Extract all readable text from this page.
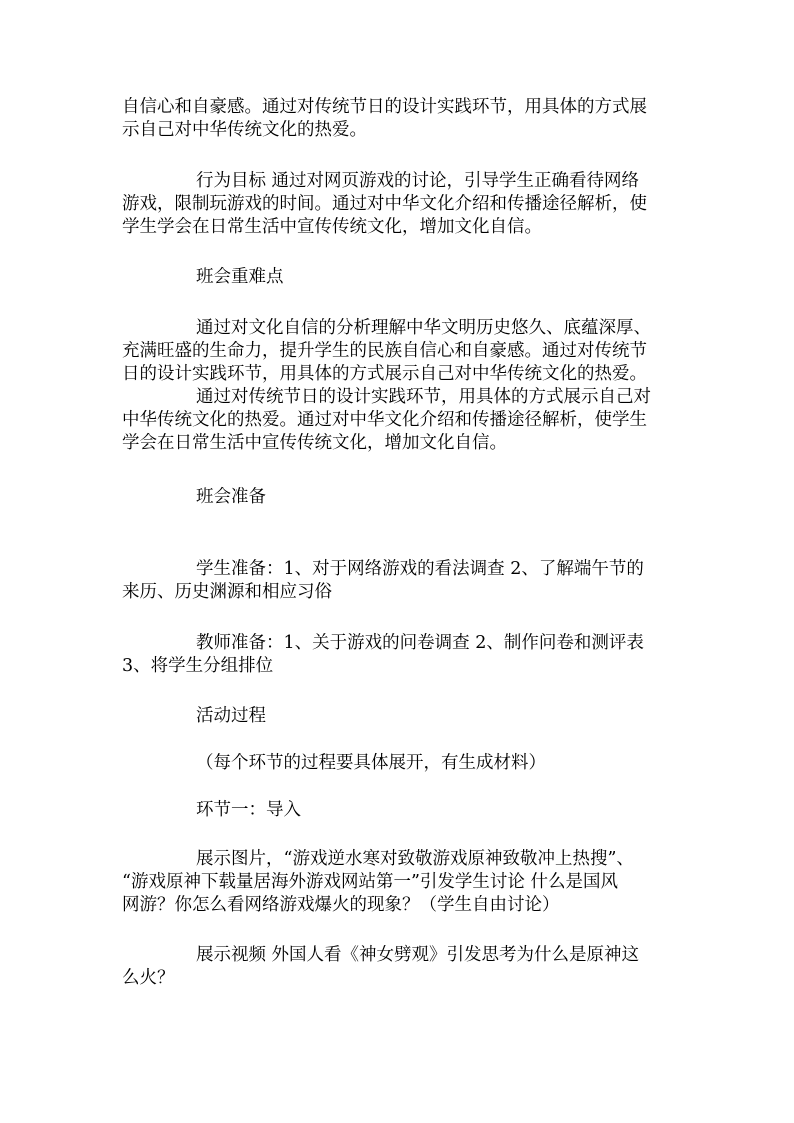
自信心和自豪感。通过对传统节日的设计实践环节，用具体的方式展
示自己对中华传统文化的热爱。

行为目标 通过对网页游戏的讨论，引导学生正确看待网络
游戏，限制玩游戏的时间。通过对中华文化介绍和传播途径解析，使
学生学会在日常生活中宣传传统文化，增加文化自信。

班会重难点

通过对文化自信的分析理解中华文明历史悠久、底蕴深厚、
充满旺盛的生命力，提升学生的民族自信心和自豪感。通过对传统节
日的设计实践环节，用具体的方式展示自己对中华传统文化的热爱。

通过对传统节日的设计实践环节，用具体的方式展示自己对
中华传统文化的热爱。通过对中华文化介绍和传播途径解析，使学生
学会在日常生活中宣传传统文化，增加文化自信。

班会准备

学生准备：1、对于网络游戏的看法调查 2、了解端午节的
来历、历史渊源和相应习俗

教师准备：1、关于游戏的问卷调查 2、制作问卷和测评表
3、将学生分组排位

活动过程

（每个环节的过程要具体展开，有生成材料）

环节一：导入

展示图片，“游戏逆水寒对致敬游戏原神致敬冲上热搜”、
“游戏原神下载量居海外游戏网站第一”引发学生讨论 什么是国风
网游？你怎么看网络游戏爆火的现象？（学生自由讨论）

展示视频 外国人看《神女劈观》引发思考为什么是原神这
么火？
